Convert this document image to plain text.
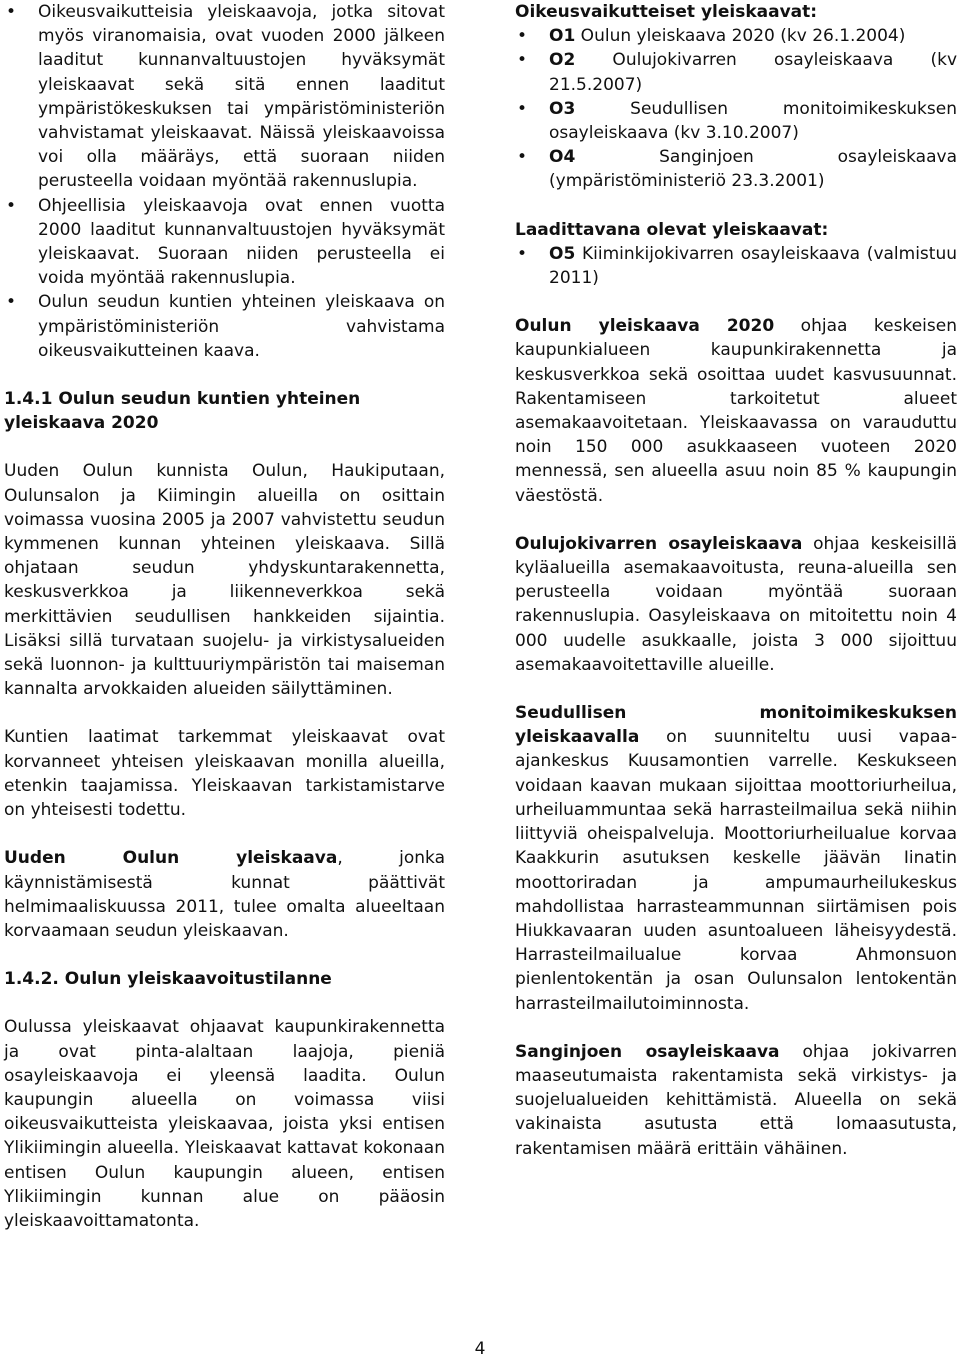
• Oikeusvaikutteisia yleiskaavoja, jotka sitovat myös viranomaisia, ovat vuoden 2000 jälkeen laaditut kunnanvaltuustojen hyväksymät yleiskaavat sekä sitä ennen laaditut ympäristökeskuksen tai ympäristöministeriön vahvistamat yleiskaavat. Näissä yleiskaavoissa voi olla määräys, että suoraan niiden perusteella voidaan myöntää rakennuslupia.
• Ohjeellisia yleiskaavoja ovat ennen vuotta 2000 laaditut kunnanvaltuustojen hyväksymät yleiskaavat. Suoraan niiden perusteella ei voida myöntää rakennuslupia.
• Oulun seudun kuntien yhteinen yleiskaava on ympäristöministeriön vahvistama oikeusvaikutteinen kaava.

1.4.1 Oulun seudun kuntien yhteinen yleiskaava 2020

Uuden Oulun kunnista Oulun, Haukiputaan, Oulunsalon ja Kiimingin alueilla on osittain voimassa vuosina 2005 ja 2007 vahvistettu seudun kymmenen kunnan yhteinen yleiskaava. Sillä ohjataan seudun yhdyskuntarakennetta, keskusverkkoa ja liikenneverkkoa sekä merkittävien seudullisen hankkeiden sijaintia. Lisäksi sillä turvataan suojelu- ja virkistysalueiden sekä luonnon- ja kulttuuriympäristön tai maiseman kannalta arvokkaiden alueiden säilyttäminen.

Kuntien laatimat tarkemmat yleiskaavat ovat korvanneet yhteisen yleiskaavan monilla alueilla, etenkin taajamissa. Yleiskaavan tarkistamistarve on yhteisesti todettu.

Uuden Oulun yleiskaava, jonka käynnistämisestä kunnat päättivät helmimaaliskuussa 2011, tulee omalta alueeltaan korvaamaan seudun yleiskaavan.

1.4.2. Oulun yleiskaavoitustilanne

Oulussa yleiskaavat ohjaavat kaupunkirakennetta ja ovat pinta-alaltaan laajoja, pieniä osayleiskaavoja ei yleensä laadita. Oulun kaupungin alueella on voimassa viisi oikeusvaikutteista yleiskaavaa, joista yksi entisen Ylikiimingin alueella. Yleiskaavat kattavat kokonaan entisen Oulun kaupungin alueen, entisen Ylikiimingin kunnan alue on pääosin yleiskaavoittamatonta.

Oikeusvaikutteiset yleiskaavat:

• O1 Oulun yleiskaava 2020 (kv 26.1.2004)
• O2 Oulujokivarren osayleiskaava (kv 21.5.2007)
• O3 Seudullisen monitoimikeskuksen osayleiskaava (kv 3.10.2007)
• O4 Sanginjoen osayleiskaava (ympäristöministeriö 23.3.2001)

Laadittavana olevat yleiskaavat:

• O5 Kiiminkijokivarren osayleiskaava (valmistuu 2011)

Oulun yleiskaava 2020 ohjaa keskeisen kaupunkialueen kaupunkirakennetta ja keskusverkkoa sekä osoittaa uudet kasvusuunnat. Rakentamiseen tarkoitetut alueet asemakaavoitetaan. Yleiskaavassa on varauduttu noin 150 000 asukkaaseen vuoteen 2020 mennessä, sen alueella asuu noin 85 % kaupungin väestöstä.

Oulujokivarren osayleiskaava ohjaa keskeisillä kyläalueilla asemakaavoitusta, reuna-alueilla sen perusteella voidaan myöntää suoraan rakennuslupia. Oasyleiskaava on mitoitettu noin 4 000 uudelle asukkaalle, joista 3 000 sijoittuu asemakaavoitettaville alueille.

Seudullisen monitoimikeskuksen yleiskaavalla on suunniteltu uusi vapaa-ajankeskus Kuusamontien varrelle. Keskukseen voidaan kaavan mukaan sijoittaa moottoriurheilua, urheiluammuntaa sekä harrasteilmailua sekä niihin liittyviä oheispalveluja. Moottoriurheilualue korvaa Kaakkurin asutuksen keskelle jäävän Iinatin moottoriradan ja ampumaurheilukeskus mahdollistaa harrasteammunnan siirtämisen pois Hiukkavaaran uuden asuntoalueen läheisyydestä. Harrasteilmailualue korvaa Ahmonsuon pienlentokentän ja osan Oulunsalon lentokentän harrasteilmailutoiminnosta.

Sanginjoen osayleiskaava ohjaa jokivarren maaseutumaista rakentamista sekä virkistys- ja suojelualueiden kehittämistä. Alueella on sekä vakinaista asutusta että lomaasutusta, rakentamisen määrä erittäin vähäinen.

4
